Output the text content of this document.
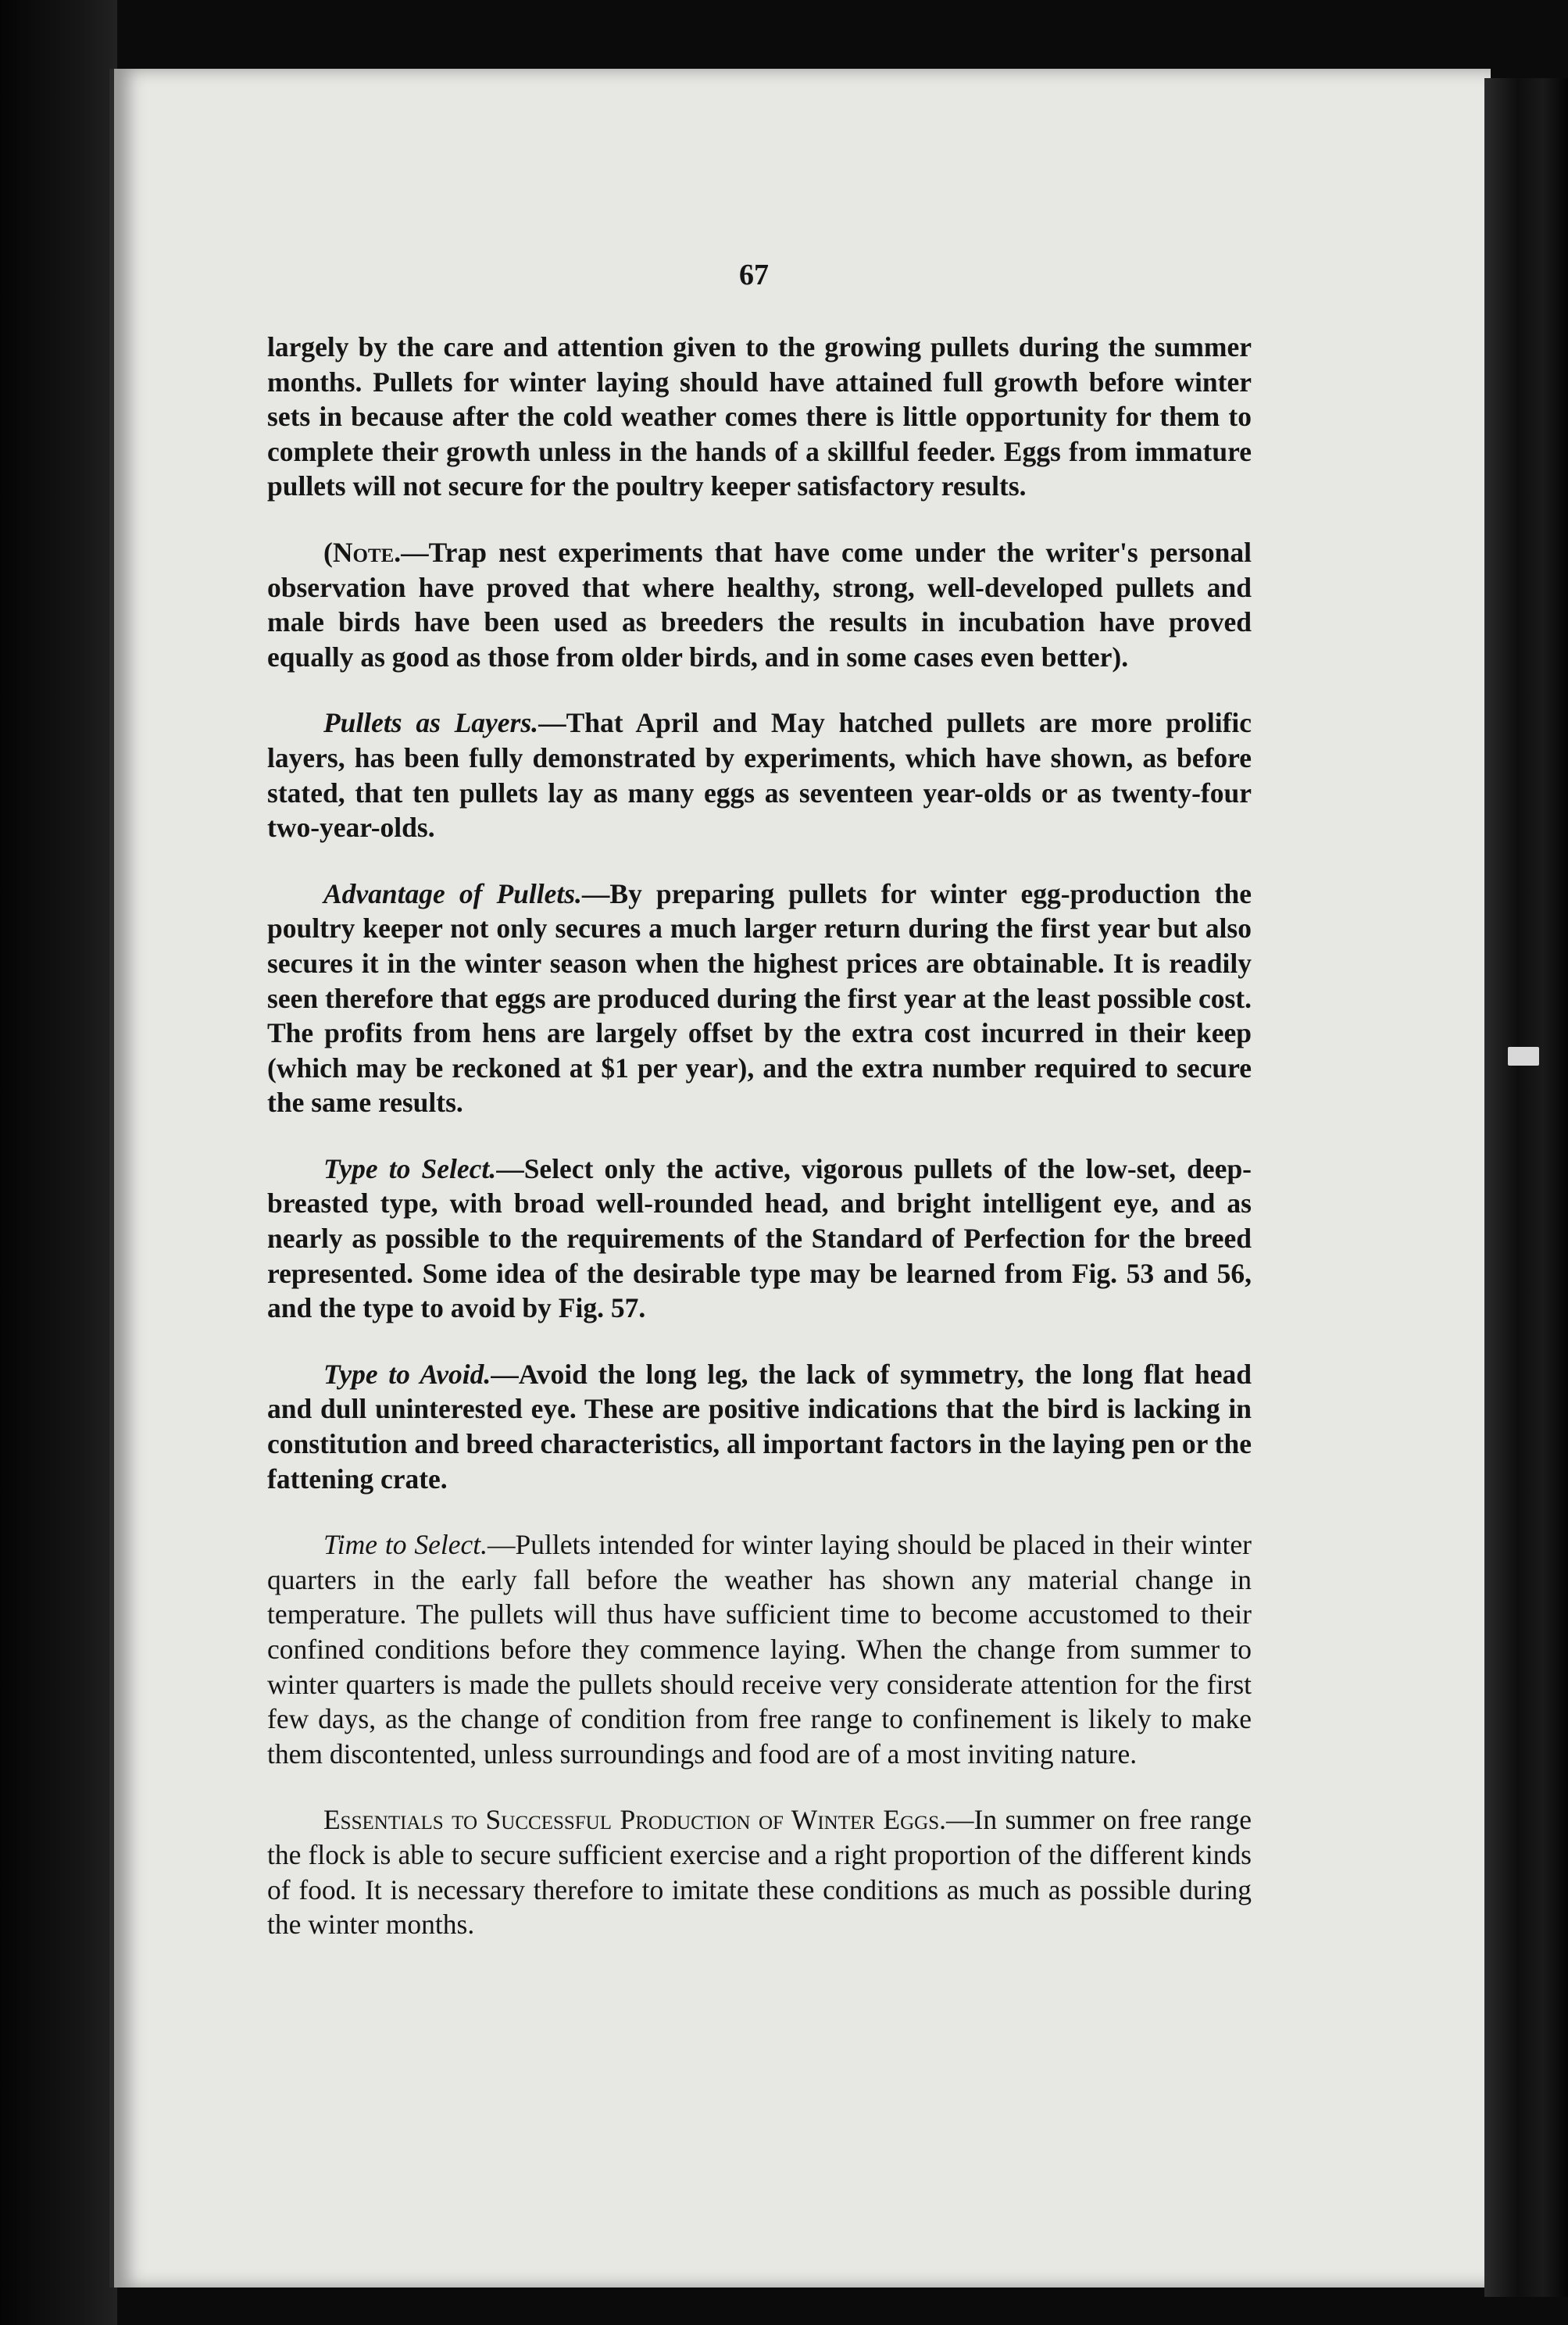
67

largely by the care and attention given to the growing pullets during the summer months. Pullets for winter laying should have attained full growth before winter sets in because after the cold weather comes there is little opportunity for them to complete their growth unless in the hands of a skillful feeder. Eggs from immature pullets will not secure for the poultry keeper satisfactory results.

(Note.—Trap nest experiments that have come under the writer's personal observation have proved that where healthy, strong, well-developed pullets and male birds have been used as breeders the results in incubation have proved equally as good as those from older birds, and in some cases even better).

Pullets as Layers.—That April and May hatched pullets are more prolific layers, has been fully demonstrated by experiments, which have shown, as before stated, that ten pullets lay as many eggs as seventeen year-olds or as twenty-four two-year-olds.

Advantage of Pullets.—By preparing pullets for winter egg-production the poultry keeper not only secures a much larger return during the first year but also secures it in the winter season when the highest prices are obtainable. It is readily seen therefore that eggs are produced during the first year at the least possible cost. The profits from hens are largely offset by the extra cost incurred in their keep (which may be reckoned at $1 per year), and the extra number required to secure the same results.

Type to Select.—Select only the active, vigorous pullets of the low-set, deep-breasted type, with broad well-rounded head, and bright intelligent eye, and as nearly as possible to the requirements of the Standard of Perfection for the breed represented. Some idea of the desirable type may be learned from Fig. 53 and 56, and the type to avoid by Fig. 57.

Type to Avoid.—Avoid the long leg, the lack of symmetry, the long flat head and dull uninterested eye. These are positive indications that the bird is lacking in constitution and breed characteristics, all important factors in the laying pen or the fattening crate.

Time to Select.—Pullets intended for winter laying should be placed in their winter quarters in the early fall before the weather has shown any material change in temperature. The pullets will thus have sufficient time to become accustomed to their confined conditions before they commence laying. When the change from summer to winter quarters is made the pullets should receive very considerate attention for the first few days, as the change of condition from free range to confinement is likely to make them discontented, unless surroundings and food are of a most inviting nature.

Essentials to Successful Production of Winter Eggs.—In summer on free range the flock is able to secure sufficient exercise and a right proportion of the different kinds of food. It is necessary therefore to imitate these conditions as much as possible during the winter months.
